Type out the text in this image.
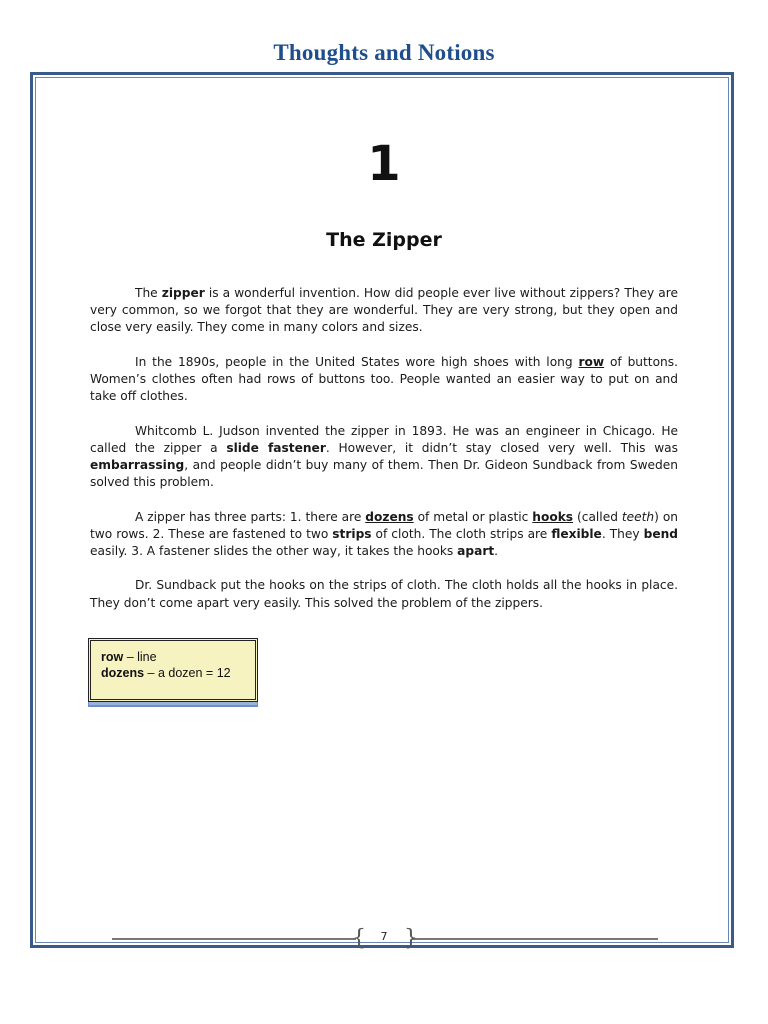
Thoughts and Notions
1
The Zipper

The zipper is a wonderful invention. How did people ever live without zippers? They are very common, so we forgot that they are wonderful. They are very strong, but they open and close very easily. They come in many colors and sizes.

In the 1890s, people in the United States wore high shoes with long row of buttons. Women’s clothes often had rows of buttons too. People wanted an easier way to put on and take off clothes.

Whitcomb L. Judson invented the zipper in 1893. He was an engineer in Chicago. He called the zipper a slide fastener. However, it didn’t stay closed very well. This was embarrassing, and people didn’t buy many of them. Then Dr. Gideon Sundback from Sweden solved this problem.

A zipper has three parts: 1. there are dozens of metal or plastic hooks (called teeth) on two rows. 2. These are fastened to two strips of cloth. The cloth strips are flexible. They bend easily. 3. A fastener slides the other way, it takes the hooks apart.

Dr. Sundback put the hooks on the strips of cloth. The cloth holds all the hooks in place. They don’t come apart very easily. This solved the problem of the zippers.

row – line
dozens – a dozen = 12
{ }
7
